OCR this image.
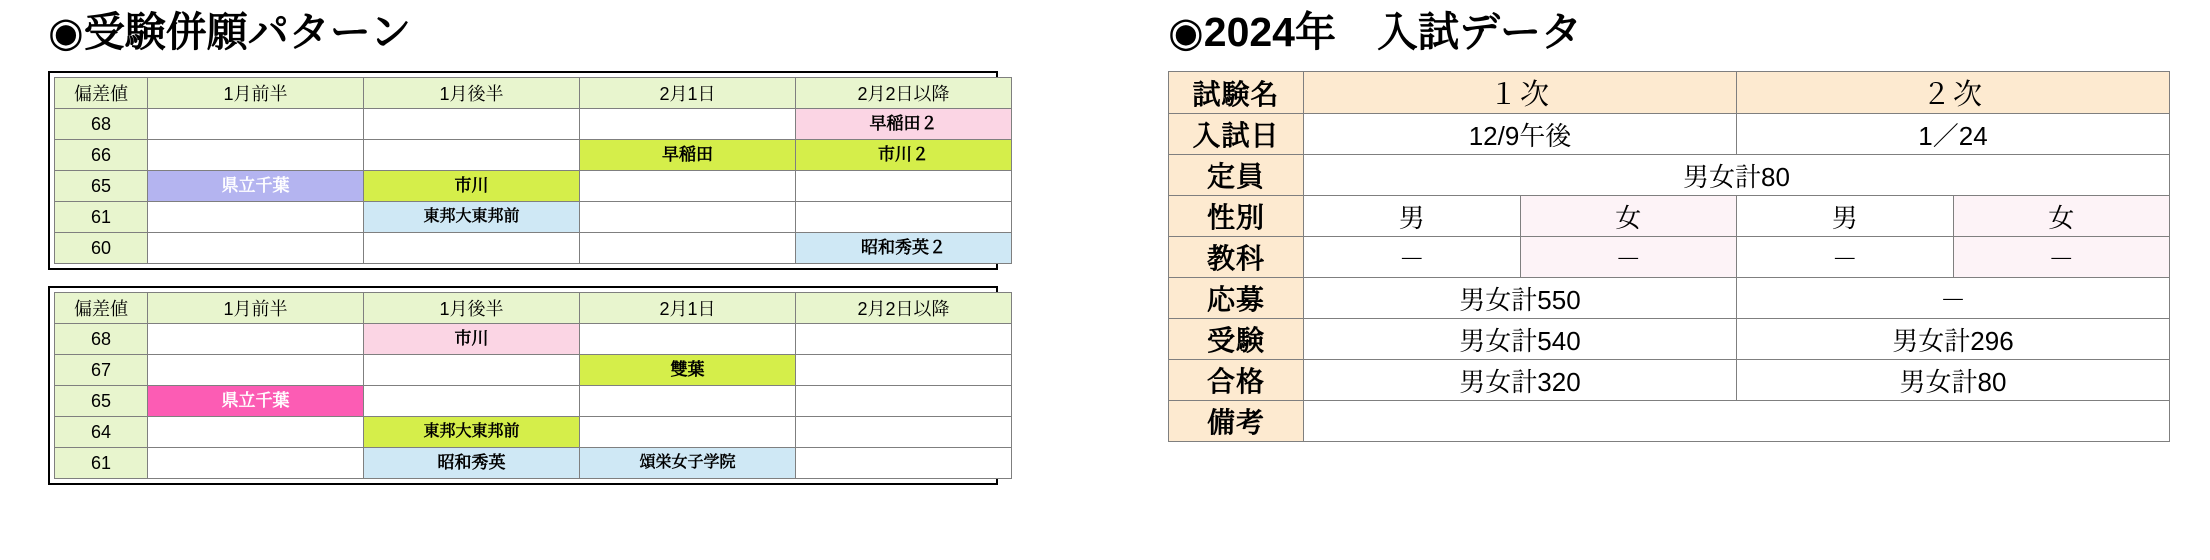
◉受験併願パターン
偏差値	1月前半	1月後半	2月1日	2月2日以降
68				早稲田２

66			早稲田	市川２

65	県立千葉	市川		

61		東邦大東邦前		

60				昭和秀英２
偏差値	1月前半	1月後半	2月1日	2月2日以降
68		市川		

67			雙葉	

65	県立千葉			

64		東邦大東邦前		

61		昭和秀英	頌栄女子学院	

◉2024年　入試データ
試験名	１次		２次	
入試日	12/9午後		1／24	
定員	男女計80			
性別	男	女	男	女
教科	－	－	－	－
応募	男女計550		－	
受験	男女計540		男女計296	
合格	男女計320		男女計80	
備考				
